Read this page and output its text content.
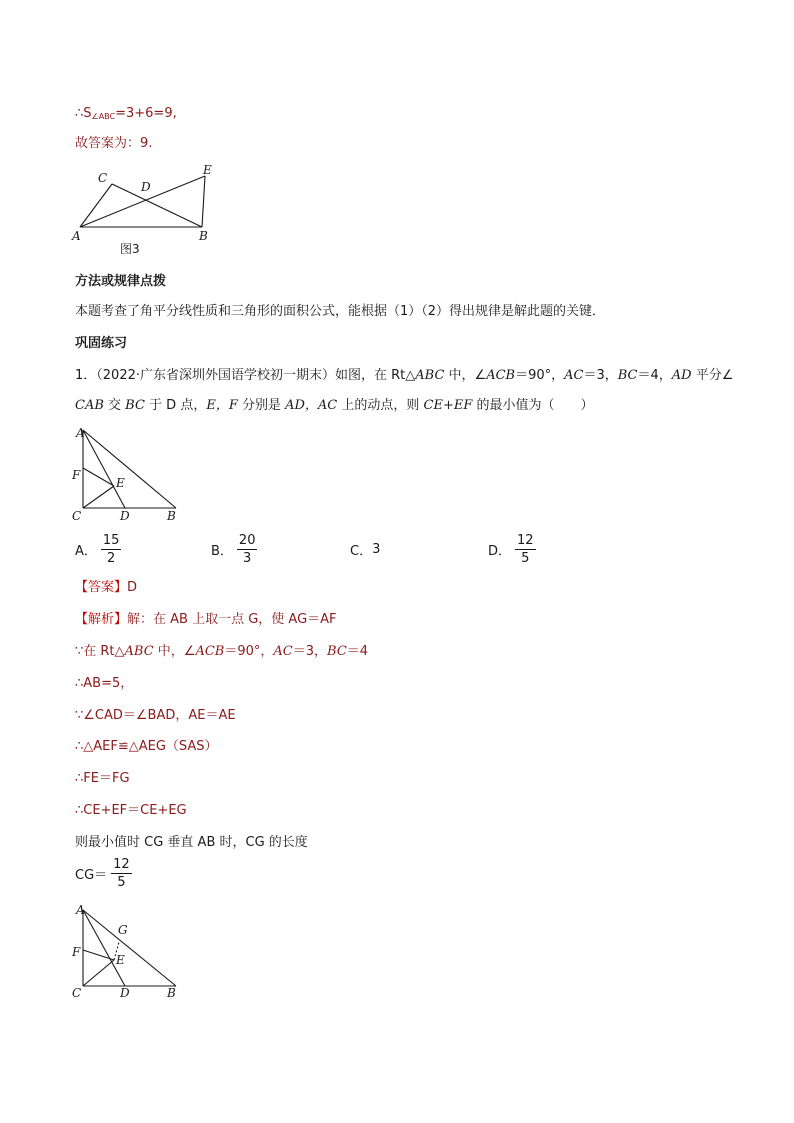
$\therefore S_{\angle ABC}=3+6=9$,
故答案为：9.
C
D
E
A	B
图3
方法或规律点拨
本题考查了角平分线性质和三角形的面积公式，能根据（1）（2）得出规律是解此题的关键．
巩固练习
1．（2022·广东省深圳外国语学校初一期末）如图，在 Rt△ABC 中，∠ACB＝90°，AC＝3，BC＝4，AD 平分∠
CAB 交 BC 于 D 点，E，F 分别是 AD，AC 上的动点，则 CE+EF 的最小值为（　　）
A
F
E
C	D	B
A． $\frac{15}{2}$	B． $\frac{20}{3}$	C． 3	D． $\frac{12}{5}$
【答案】D
【解析】解：在 AB 上取一点 G，使 AG＝AF
∵在 Rt△ABC 中，∠ACB＝90°，AC＝3，BC＝4
∴AB=5，
∵∠CAD＝∠BAD，AE＝AE
∴△AEF≌△AEG（SAS）
∴FE＝FG
∴CE+EF＝CE+EG
则最小值时 CG 垂直 AB 时，CG 的长度
$CG= \frac{12}{5}$
A
G
F
E
C	D	B
